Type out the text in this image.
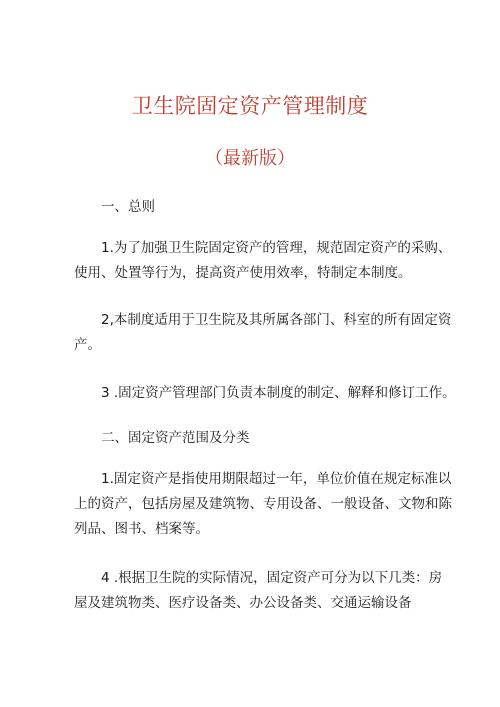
卫生院固定资产管理制度
（最新版）
一、总则
1.为了加强卫生院固定资产的管理，规范固定资产的采购、
使用、处置等行为，提高资产使用效率，特制定本制度。
2,本制度适用于卫生院及其所属各部门、科室的所有固定资
产。
3 .固定资产管理部门负责本制度的制定、解释和修订工作。
二、固定资产范围及分类
1.固定资产是指使用期限超过一年，单位价值在规定标准以
上的资产，包括房屋及建筑物、专用设备、一般设备、文物和陈
列品、图书、档案等。
4 .根据卫生院的实际情况，固定资产可分为以下几类：房
屋及建筑物类、医疗设备类、办公设备类、交通运输设备
